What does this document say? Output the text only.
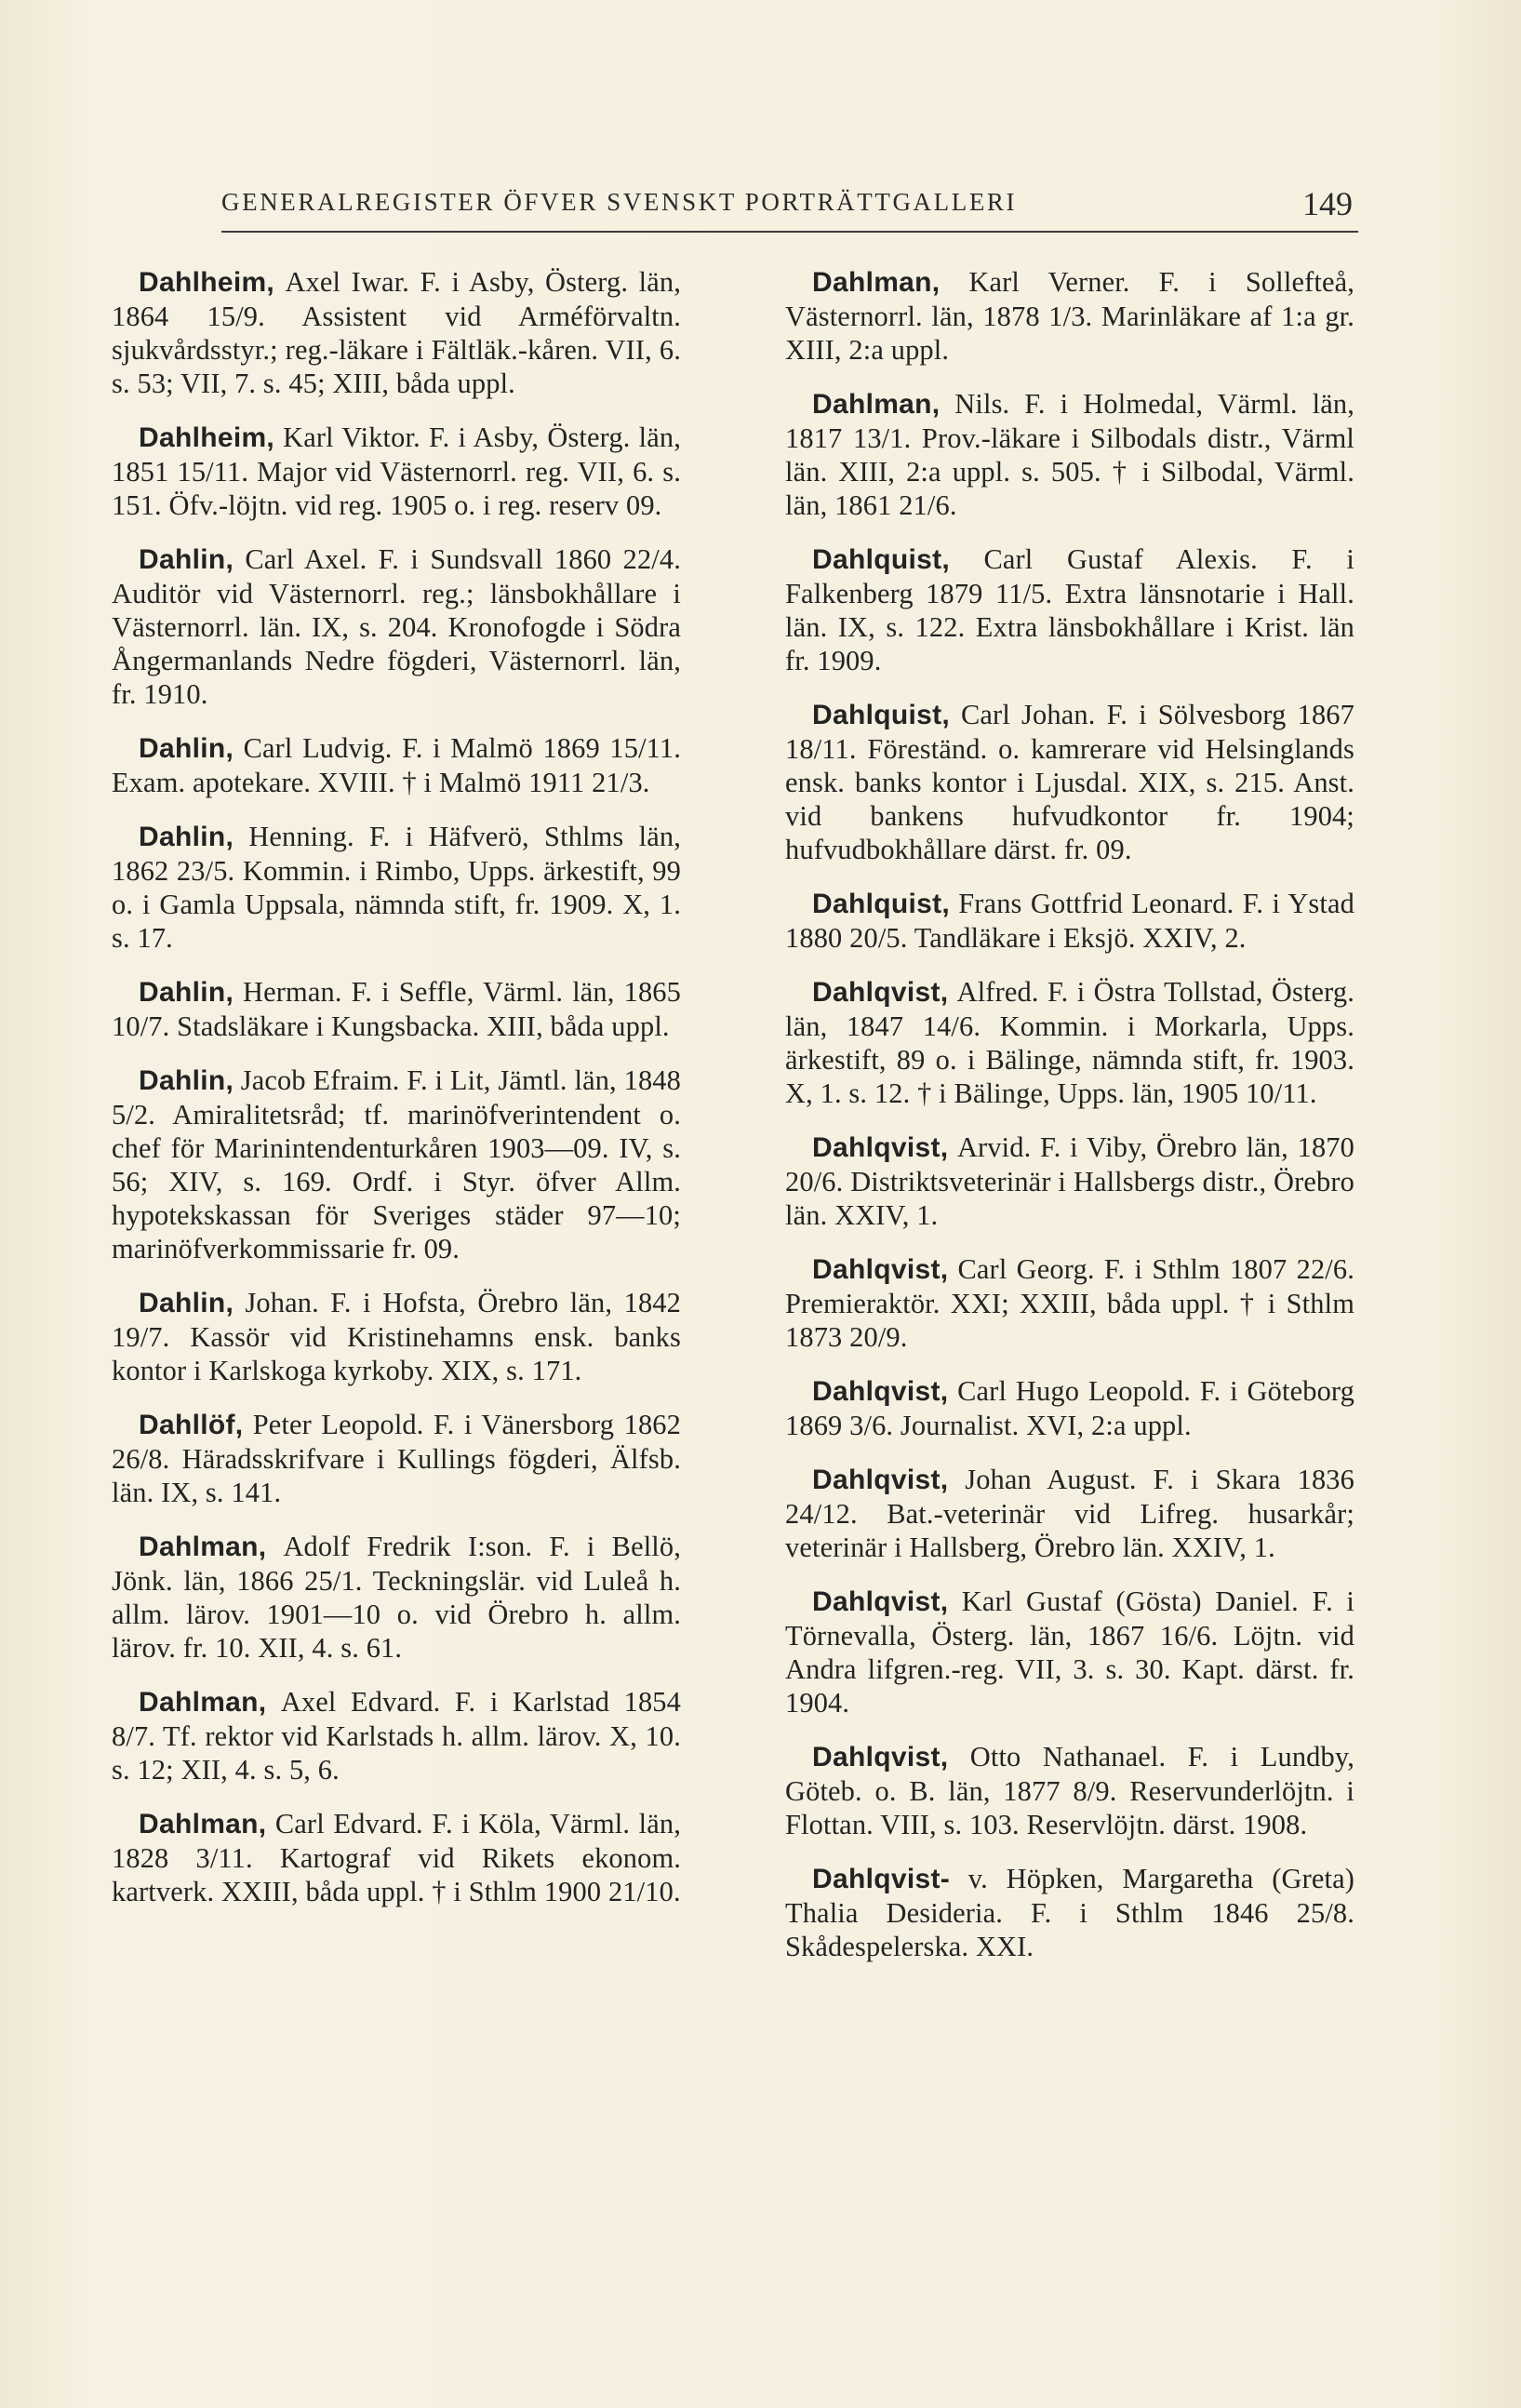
GENERALREGISTER ÖFVER SVENSKT PORTRÄTTGALLERI	149

Dahlheim, Axel Iwar. F. i Asby, Österg. län, 1864 15/9. Assistent vid Arméförvaltn. sjukvårdsstyr.; reg.-läkare i Fältläk.-kåren. VII, 6. s. 53; VII, 7. s. 45; XIII, båda uppl.

Dahlheim, Karl Viktor. F. i Asby, Österg. län, 1851 15/11. Major vid Västernorrl. reg. VII, 6. s. 151. Öfv.-löjtn. vid reg. 1905 o. i reg. reserv 09.

Dahlin, Carl Axel. F. i Sundsvall 1860 22/4. Auditör vid Västernorrl. reg.; länsbokhållare i Västernorrl. län. IX, s. 204. Kronofogde i Södra Ångermanlands Nedre fögderi, Västernorrl. län, fr. 1910.

Dahlin, Carl Ludvig. F. i Malmö 1869 15/11. Exam. apotekare. XVIII. † i Malmö 1911 21/3.

Dahlin, Henning. F. i Häfverö, Sthlms län, 1862 23/5. Kommin. i Rimbo, Upps. ärkestift, 99 o. i Gamla Uppsala, nämnda stift, fr. 1909. X, 1. s. 17.

Dahlin, Herman. F. i Seffle, Värml. län, 1865 10/7. Stadsläkare i Kungsbacka. XIII, båda uppl.

Dahlin, Jacob Efraim. F. i Lit, Jämtl. län, 1848 5/2. Amiralitetsråd; tf. marinöfverintendent o. chef för Marinintendenturkåren 1903—09. IV, s. 56; XIV, s. 169. Ordf. i Styr. öfver Allm. hypotekskassan för Sveriges städer 97—10; marinöfverkommissarie fr. 09.

Dahlin, Johan. F. i Hofsta, Örebro län, 1842 19/7. Kassör vid Kristinehamns ensk. banks kontor i Karlskoga kyrkoby. XIX, s. 171.

Dahllöf, Peter Leopold. F. i Vänersborg 1862 26/8. Häradsskrifvare i Kullings fögderi, Älfsb. län. IX, s. 141.

Dahlman, Adolf Fredrik I:son. F. i Bellö, Jönk. län, 1866 25/1. Teckningslär. vid Luleå h. allm. lärov. 1901—10 o. vid Örebro h. allm. lärov. fr. 10. XII, 4. s. 61.

Dahlman, Axel Edvard. F. i Karlstad 1854 8/7. Tf. rektor vid Karlstads h. allm. lärov. X, 10. s. 12; XII, 4. s. 5, 6.

Dahlman, Carl Edvard. F. i Köla, Värml. län, 1828 3/11. Kartograf vid Rikets ekonom. kartverk. XXIII, båda uppl. † i Sthlm 1900 21/10.

Dahlman, Karl Verner. F. i Sollefteå, Västernorrl. län, 1878 1/3. Marinläkare af 1:a gr. XIII, 2:a uppl.

Dahlman, Nils. F. i Holmedal, Värml. län, 1817 13/1. Prov.-läkare i Silbodals distr., Värml län. XIII, 2:a uppl. s. 505. † i Silbodal, Värml. län, 1861 21/6.

Dahlquist, Carl Gustaf Alexis. F. i Falkenberg 1879 11/5. Extra länsnotarie i Hall. län. IX, s. 122. Extra länsbokhållare i Krist. län fr. 1909.

Dahlquist, Carl Johan. F. i Sölvesborg 1867 18/11. Föreständ. o. kamrerare vid Helsinglands ensk. banks kontor i Ljusdal. XIX, s. 215. Anst. vid bankens hufvudkontor fr. 1904; hufvudbokhållare därst. fr. 09.

Dahlquist, Frans Gottfrid Leonard. F. i Ystad 1880 20/5. Tandläkare i Eksjö. XXIV, 2.

Dahlqvist, Alfred. F. i Östra Tollstad, Österg. län, 1847 14/6. Kommin. i Morkarla, Upps. ärkestift, 89 o. i Bälinge, nämnda stift, fr. 1903. X, 1. s. 12. † i Bälinge, Upps. län, 1905 10/11.

Dahlqvist, Arvid. F. i Viby, Örebro län, 1870 20/6. Distriktsveterinär i Hallsbergs distr., Örebro län. XXIV, 1.

Dahlqvist, Carl Georg. F. i Sthlm 1807 22/6. Premieraktör. XXI; XXIII, båda uppl. † i Sthlm 1873 20/9.

Dahlqvist, Carl Hugo Leopold. F. i Göteborg 1869 3/6. Journalist. XVI, 2:a uppl.

Dahlqvist, Johan August. F. i Skara 1836 24/12. Bat.-veterinär vid Lifreg. husarkår; veterinär i Hallsberg, Örebro län. XXIV, 1.

Dahlqvist, Karl Gustaf (Gösta) Daniel. F. i Törnevalla, Österg. län, 1867 16/6. Löjtn. vid Andra lifgren.-reg. VII, 3. s. 30. Kapt. därst. fr. 1904.

Dahlqvist, Otto Nathanael. F. i Lundby, Göteb. o. B. län, 1877 8/9. Reservunderlöjtn. i Flottan. VIII, s. 103. Reservlöjtn. därst. 1908.

Dahlqvist- v. Höpken, Margaretha (Greta) Thalia Desideria. F. i Sthlm 1846 25/8. Skådespelerska. XXI.
